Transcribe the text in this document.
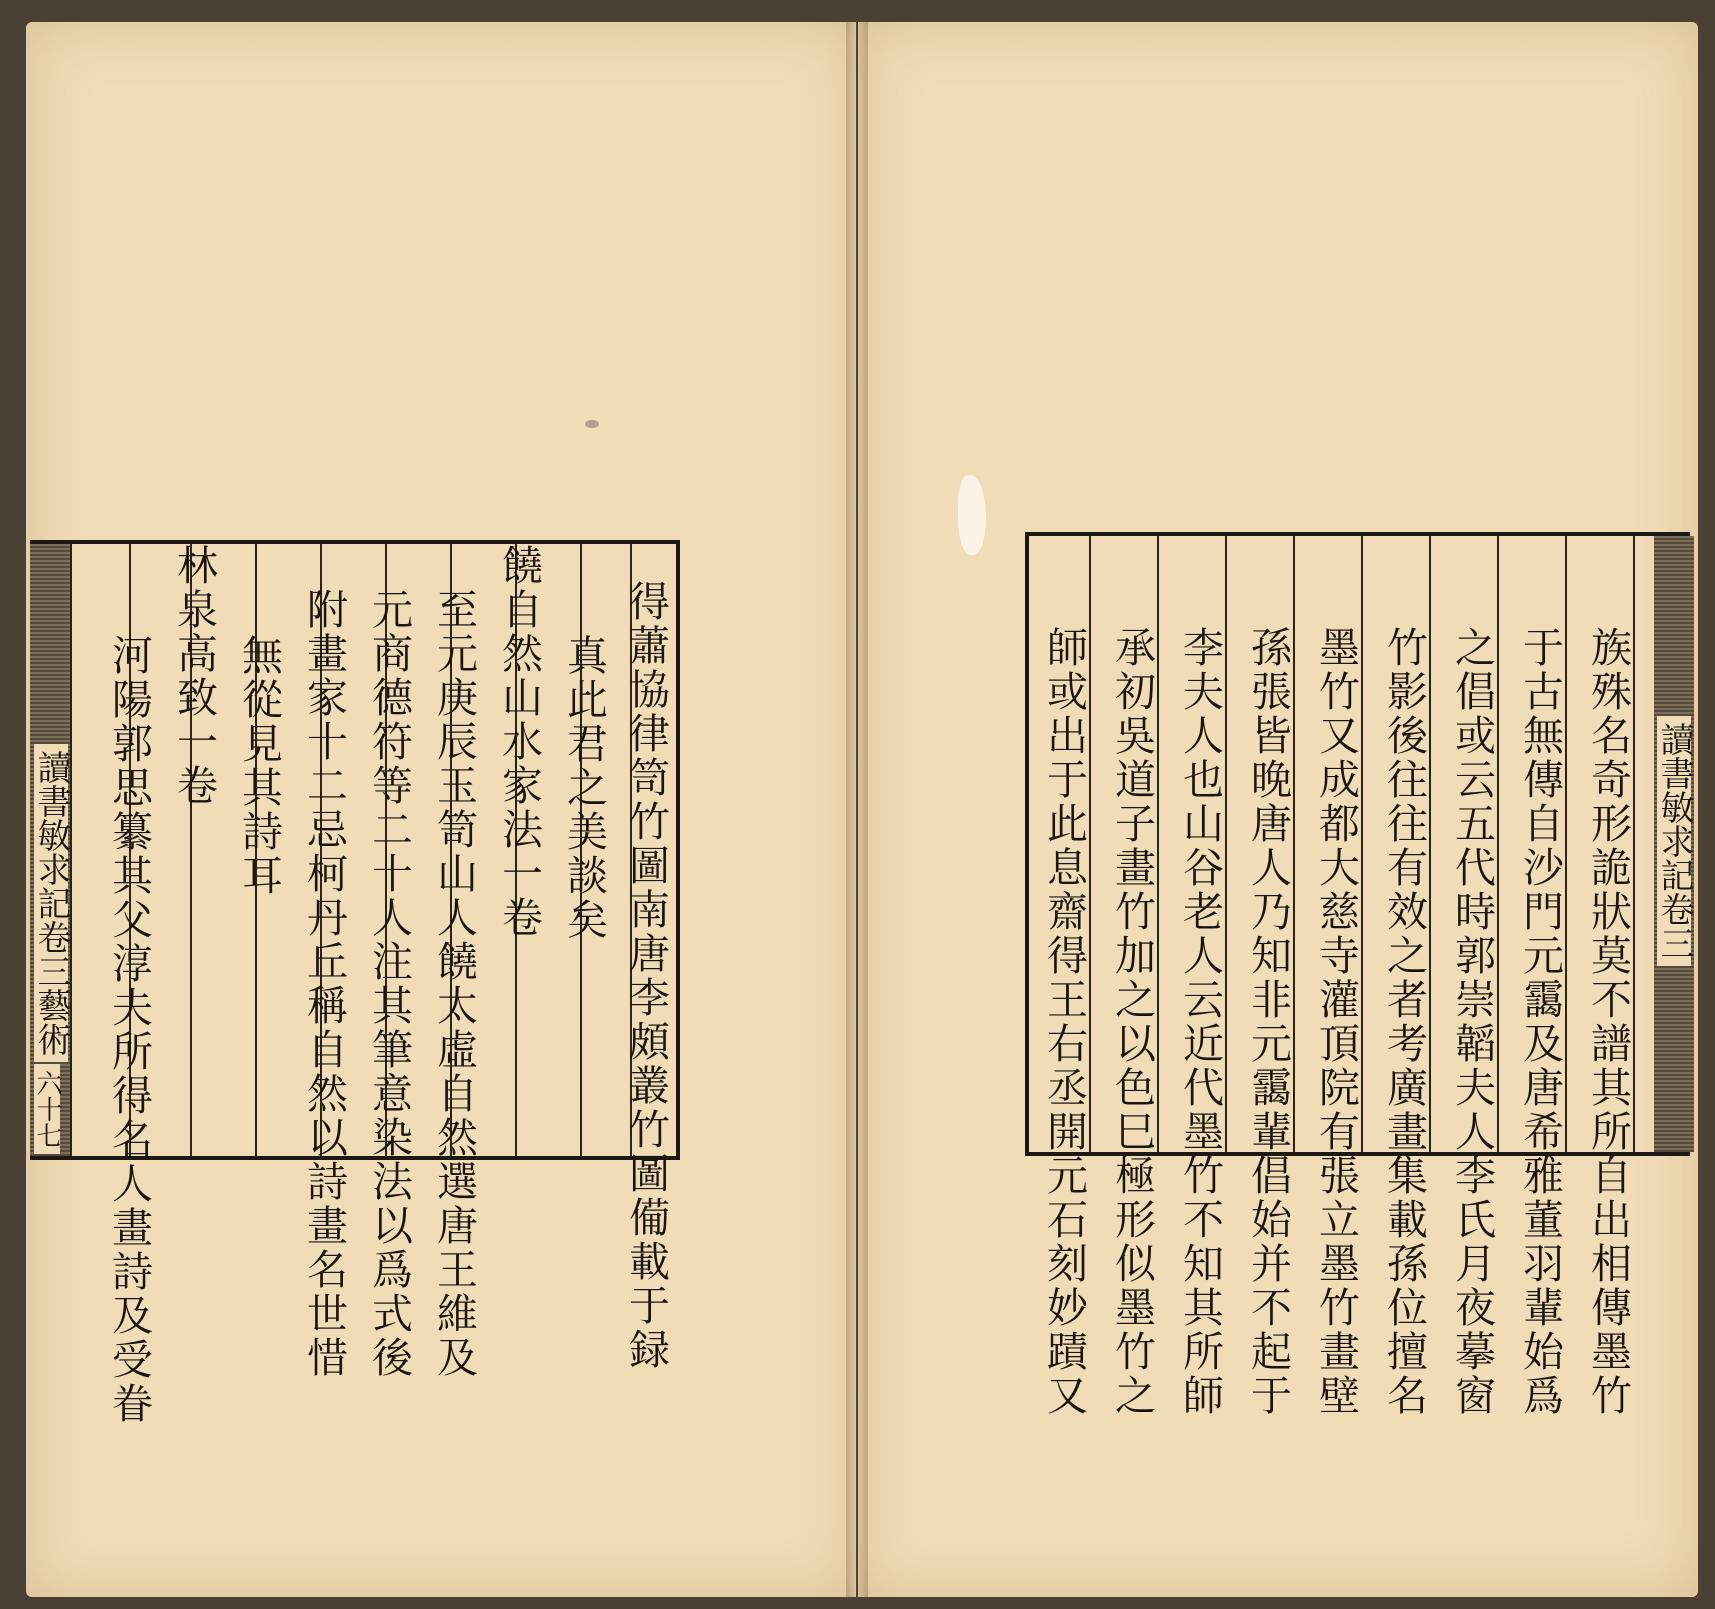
讀書敏求記卷三藝術
六十七	得蕭協律笥竹圖南唐李頗叢竹圖僃載于録
真此君之美談矣
饒自然山水家法一卷
至元庚辰玉笥山人饒太虛自然選唐王維及
元商德符等二十人注其筆意染法以爲式後
附畫家十二忌柯丹丘稱自然以詩畫名世惜
無從見其詩耳
林泉高致一卷
河陽郭思纂其父淳夫所得名人畫詩及受眷	讀書敏求記卷三
族殊名奇形詭狀莫不譜其所自出相傳墨竹
于古無傳自沙門元靄及唐希雅董羽輩始爲
之倡或云五代時郭崇韜夫人李氏月夜摹窗
竹影後往往有效之者考廣畫集載孫位擅名
墨竹又成都大慈寺灌頂院有張立墨竹畫壁
孫張皆晚唐人乃知非元靄輩倡始并不起于
李夫人也山谷老人云近代墨竹不知其所師
承初吳道子畫竹加之以色巳極形似墨竹之
師或出于此息齋得王右丞開元石刻妙蹟又
